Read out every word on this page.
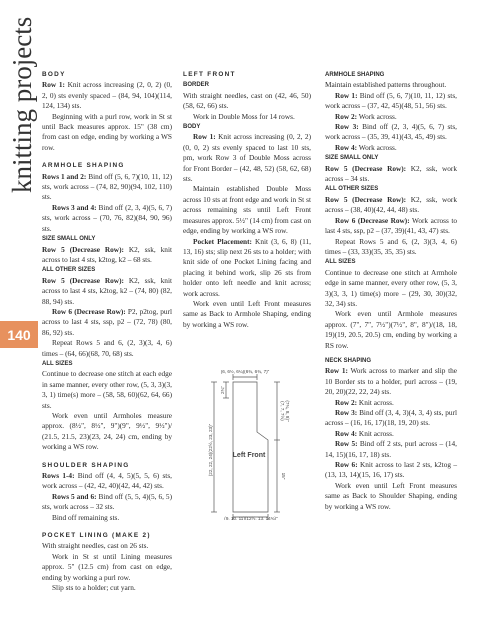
knitting projects
140

BODY

Row 1: Knit across increasing (2, 0, 2) (0, 2, 0) sts evenly spaced – (84, 94, 104)(114, 124, 134) sts.

Beginning with a purl row, work in St st until Back measures approx. 15" (38 cm) from cast on edge, ending by working a WS row.

ARMHOLE SHAPING

Rows 1 and 2: Bind off (5, 6, 7)(10, 11, 12) sts, work across – (74, 82, 90)(94, 102, 110) sts.

Rows 3 and 4: Bind off (2, 3, 4)(5, 6, 7) sts, work across – (70, 76, 82)(84, 90, 96) sts.

SIZE SMALL ONLY

Row 5 (Decrease Row): K2, ssk, knit across to last 4 sts, k2tog, k2 – 68 sts.

ALL OTHER SIZES

Row 5 (Decrease Row): K2, ssk, knit across to last 4 sts, k2tog, k2 – (74, 80) (82, 88, 94) sts.

Row 6 (Decrease Row): P2, p2tog, purl across to last 4 sts, ssp, p2 – (72, 78) (80, 86, 92) sts.

Repeat Rows 5 and 6, (2, 3)(3, 4, 6) times – (64, 66)(68, 70, 68) sts.

ALL SIZES

Continue to decrease one stitch at each edge in same manner, every other row, (5, 3, 3)(3, 3, 1) time(s) more – (58, 58, 60)(62, 64, 66) sts.

Work even until Armholes measure approx. (8½", 8½", 9")(9", 9½", 9½")/ (21.5, 21.5, 23)(23, 24, 24) cm, ending by working a WS row.

SHOULDER SHAPING

Rows 1-4: Bind off (4, 4, 5)(5, 5, 6) sts, work across – (42, 42, 40)(42, 44, 42) sts.

Rows 5 and 6: Bind off (5, 5, 4)(5, 6, 5) sts, work across – 32 sts.

Bind off remaining sts.

POCKET LINING (MAKE 2)

With straight needles, cast on 26 sts.

Work in St st until Lining measures approx. 5" (12.5 cm) from cast on edge, ending by working a purl row.

Slip sts to a holder; cut yarn.

LEFT FRONT

BORDER

With straight needles, cast on (42, 46, 50)(58, 62, 66) sts.

Work in Double Moss for 14 rows.

BODY

Row 1: Knit across increasing (0, 2, 2)(0, 0, 2) sts evenly spaced to last 10 sts, pm, work Row 3 of Double Moss across for Front Border – (42, 48, 52) (58, 62, 68) sts.

Maintain established Double Moss across 10 sts at front edge and work in St st across remaining sts until Left Front measures approx. 5½" (14 cm) from cast on edge, ending by working a WS row.

Pocket Placement: Knit (3, 6, 8) (11, 13, 16) sts; slip next 26 sts to a holder; with knit side of one Pocket Lining facing and placing it behind work, slip 26 sts from holder onto left needle and knit across; work across.

Work even until Left Front measures same as Back to Armhole Shaping, ending by working a WS row.

(6, 6½, 6¼)(6¾, 6¾, 7)"
(9, 10, 11)(12½, 13, 14¾)"
2¾"
(22, 22, 24)(22½, 23, 23)"
(7, 7, 7½) (7¾, 8, 8)"
15"
Left Front

ARMHOLE SHAPING

Maintain established patterns throughout.

Row 1: Bind off (5, 6, 7)(10, 11, 12) sts, work across – (37, 42, 45)(48, 51, 56) sts.

Row 2: Work across.

Row 3: Bind off (2, 3, 4)(5, 6, 7) sts, work across – (35, 39, 41)(43, 45, 49) sts.

Row 4: Work across.

SIZE SMALL ONLY

Row 5 (Decrease Row): K2, ssk, work across – 34 sts.

ALL OTHER SIZES

Row 5 (Decrease Row): K2, ssk, work across – (38, 40)(42, 44, 48) sts.

Row 6 (Decrease Row): Work across to last 4 sts, ssp, p2 – (37, 39)(41, 43, 47) sts.

Repeat Rows 5 and 6, (2, 3)(3, 4, 6) times – (33, 33)(35, 35, 35) sts.

ALL SIZES

Continue to decrease one stitch at Armhole edge in same manner, every other row, (5, 3, 3)(3, 3, 1) time(s) more – (29, 30, 30)(32, 32, 34) sts.

Work even until Armhole measures approx. (7", 7", 7½")(7½", 8", 8")/(18, 18, 19)(19, 20.5, 20.5) cm, ending by working a RS row.

NECK SHAPING

Row 1: Work across to marker and slip the 10 Border sts to a holder, purl across – (19, 20, 20)(22, 22, 24) sts.

Row 2: Knit across.

Row 3: Bind off (3, 4, 3)(4, 3, 4) sts, purl across – (16, 16, 17)(18, 19, 20) sts.

Row 4: Knit across.

Row 5: Bind off 2 sts, purl across – (14, 14, 15)(16, 17, 18) sts.

Row 6: Knit across to last 2 sts, k2tog – (13, 13, 14)(15, 16, 17) sts.

Work even until Left Front measures same as Back to Shoulder Shaping, ending by working a WS row.
